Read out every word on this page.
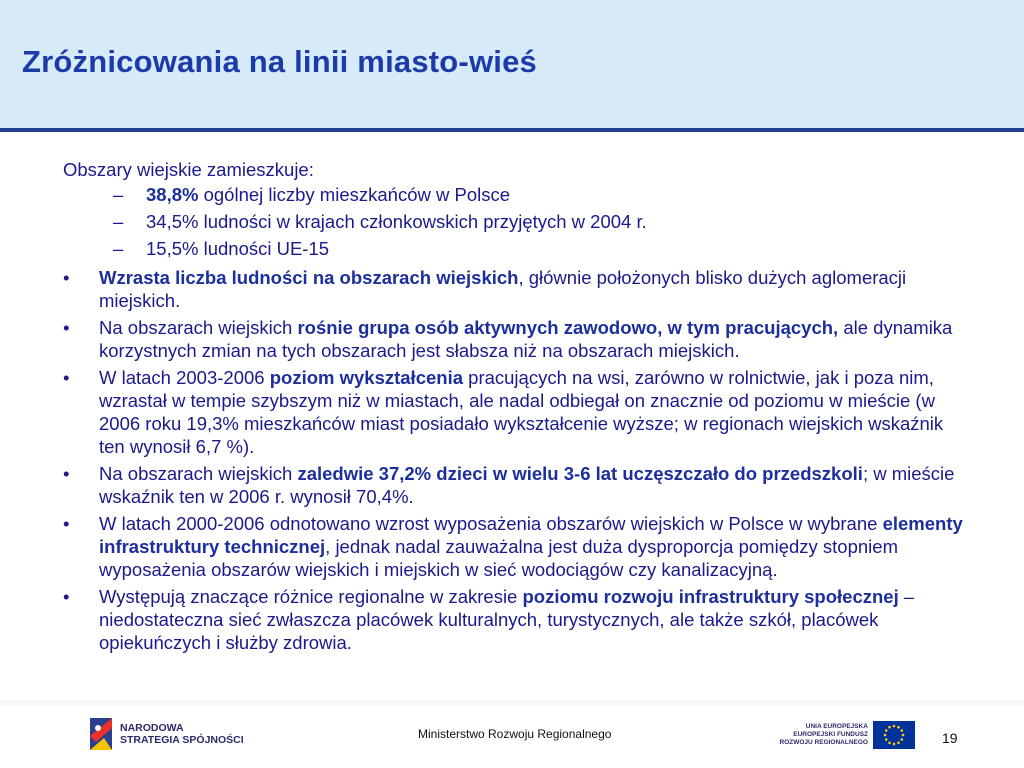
Zróżnicowania na linii miasto-wieś
Obszary wiejskie zamieszkuje:
– 38,8% ogólnej liczby mieszkańców w Polsce
– 34,5% ludności w krajach członkowskich przyjętych w 2004 r.
– 15,5% ludności UE-15
• Wzrasta liczba ludności na obszarach wiejskich, głównie położonych blisko dużych aglomeracji miejskich.
• Na obszarach wiejskich rośnie grupa osób aktywnych zawodowo, w tym pracujących, ale dynamika korzystnych zmian na tych obszarach jest słabsza niż na obszarach miejskich.
• W latach 2003-2006 poziom wykształcenia pracujących na wsi, zarówno w rolnictwie, jak i poza nim, wzrastał w tempie szybszym niż w miastach, ale nadal odbiegał on znacznie od poziomu w mieście (w 2006 roku 19,3% mieszkańców miast posiadało wykształcenie wyższe; w regionach wiejskich wskaźnik ten wynosił 6,7 %).
• Na obszarach wiejskich zaledwie 37,2% dzieci w wielu 3-6 lat uczęszczało do przedszkoli; w mieście wskaźnik ten w 2006 r. wynosił 70,4%.
• W latach 2000-2006 odnotowano wzrost wyposażenia obszarów wiejskich w Polsce w wybrane elementy infrastruktury technicznej, jednak nadal zauważalna jest duża dysproporcja pomiędzy stopniem wyposażenia obszarów wiejskich i miejskich w sieć wodociągów czy kanalizacyjną.
• Występują znaczące różnice regionalne w zakresie poziomu rozwoju infrastruktury społecznej – niedostateczna sieć zwłaszcza placówek kulturalnych, turystycznych, ale także szkół, placówek opiekuńczych i służby zdrowia.
NARODOWA
STRATEGIA SPÓJNOŚCI	Ministerstwo Rozwoju Regionalnego
UNIA EUROPEJSKA
EUROPEJSKI FUNDUSZ
ROZWOJU REGIONALNEGO	19
